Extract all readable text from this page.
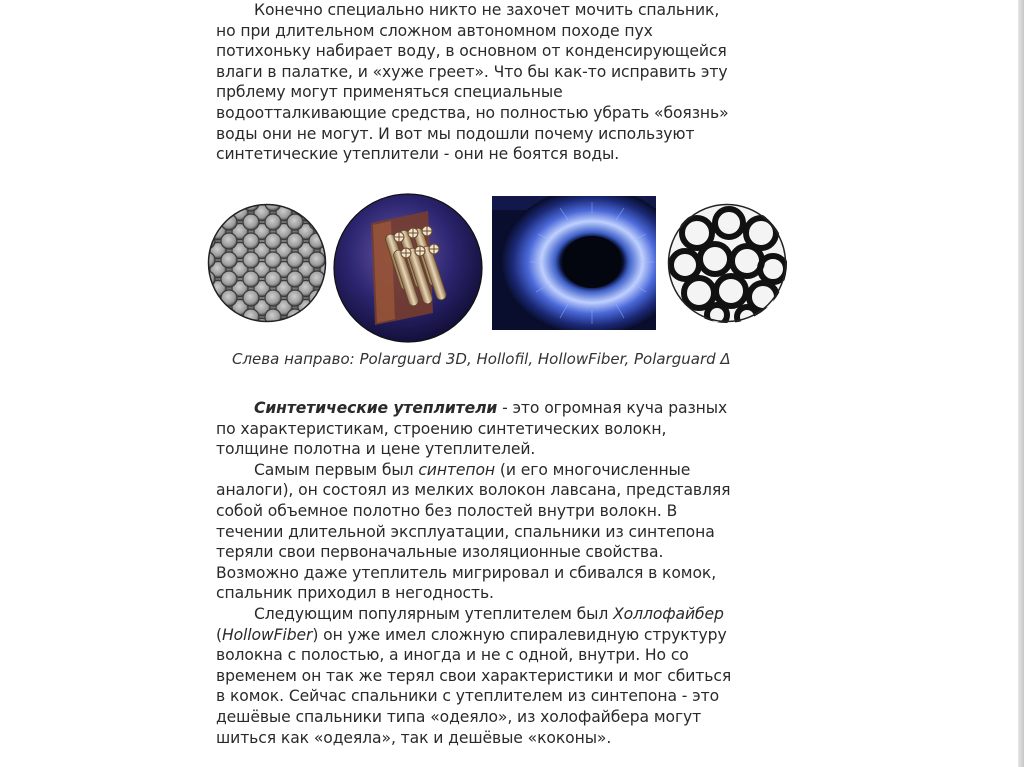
Конечно специально никто не захочет мочить спальник,
но при длительном сложном автономном походе пух
потихоньку набирает воду, в основном от конденсирующейся
влаги в палатке, и «хуже греет». Что бы как-то исправить эту
прблему могут применяться специальные
водоотталкивающие средства, но полностью убрать «боязнь»
воды они не могут. И вот мы подошли почему используют
синтетические утеплители - они не боятся воды.

Слева направо: Polarguard 3D, Hollofil, HollowFiber, Polarguard Δ

Синтетические утеплители - это огромная куча разных
по характеристикам, строению синтетических волокн,
толщине полотна и цене утеплителей.
Самым первым был синтепон (и его многочисленные
аналоги), он состоял из мелких волокон лавсана, представляя
собой объемное полотно без полостей внутри волокн. В
течении длительной эксплуатации, спальники из синтепона
теряли свои первоначальные изоляционные свойства.
Возможно даже утеплитель мигрировал и сбивался в комок,
спальник приходил в негодность.
Следующим популярным утеплителем был Холлофайбер
(HollowFiber) он уже имел сложную спиралевидную структуру
волокна с полостью, а иногда и не с одной, внутри. Но со
временем он так же терял свои характеристики и мог сбиться
в комок. Сейчас спальники с утеплителем из синтепона - это
дешёвые спальники типа «одеяло», из холофайбера могут
шиться как «одеяла», так и дешёвые «коконы».
